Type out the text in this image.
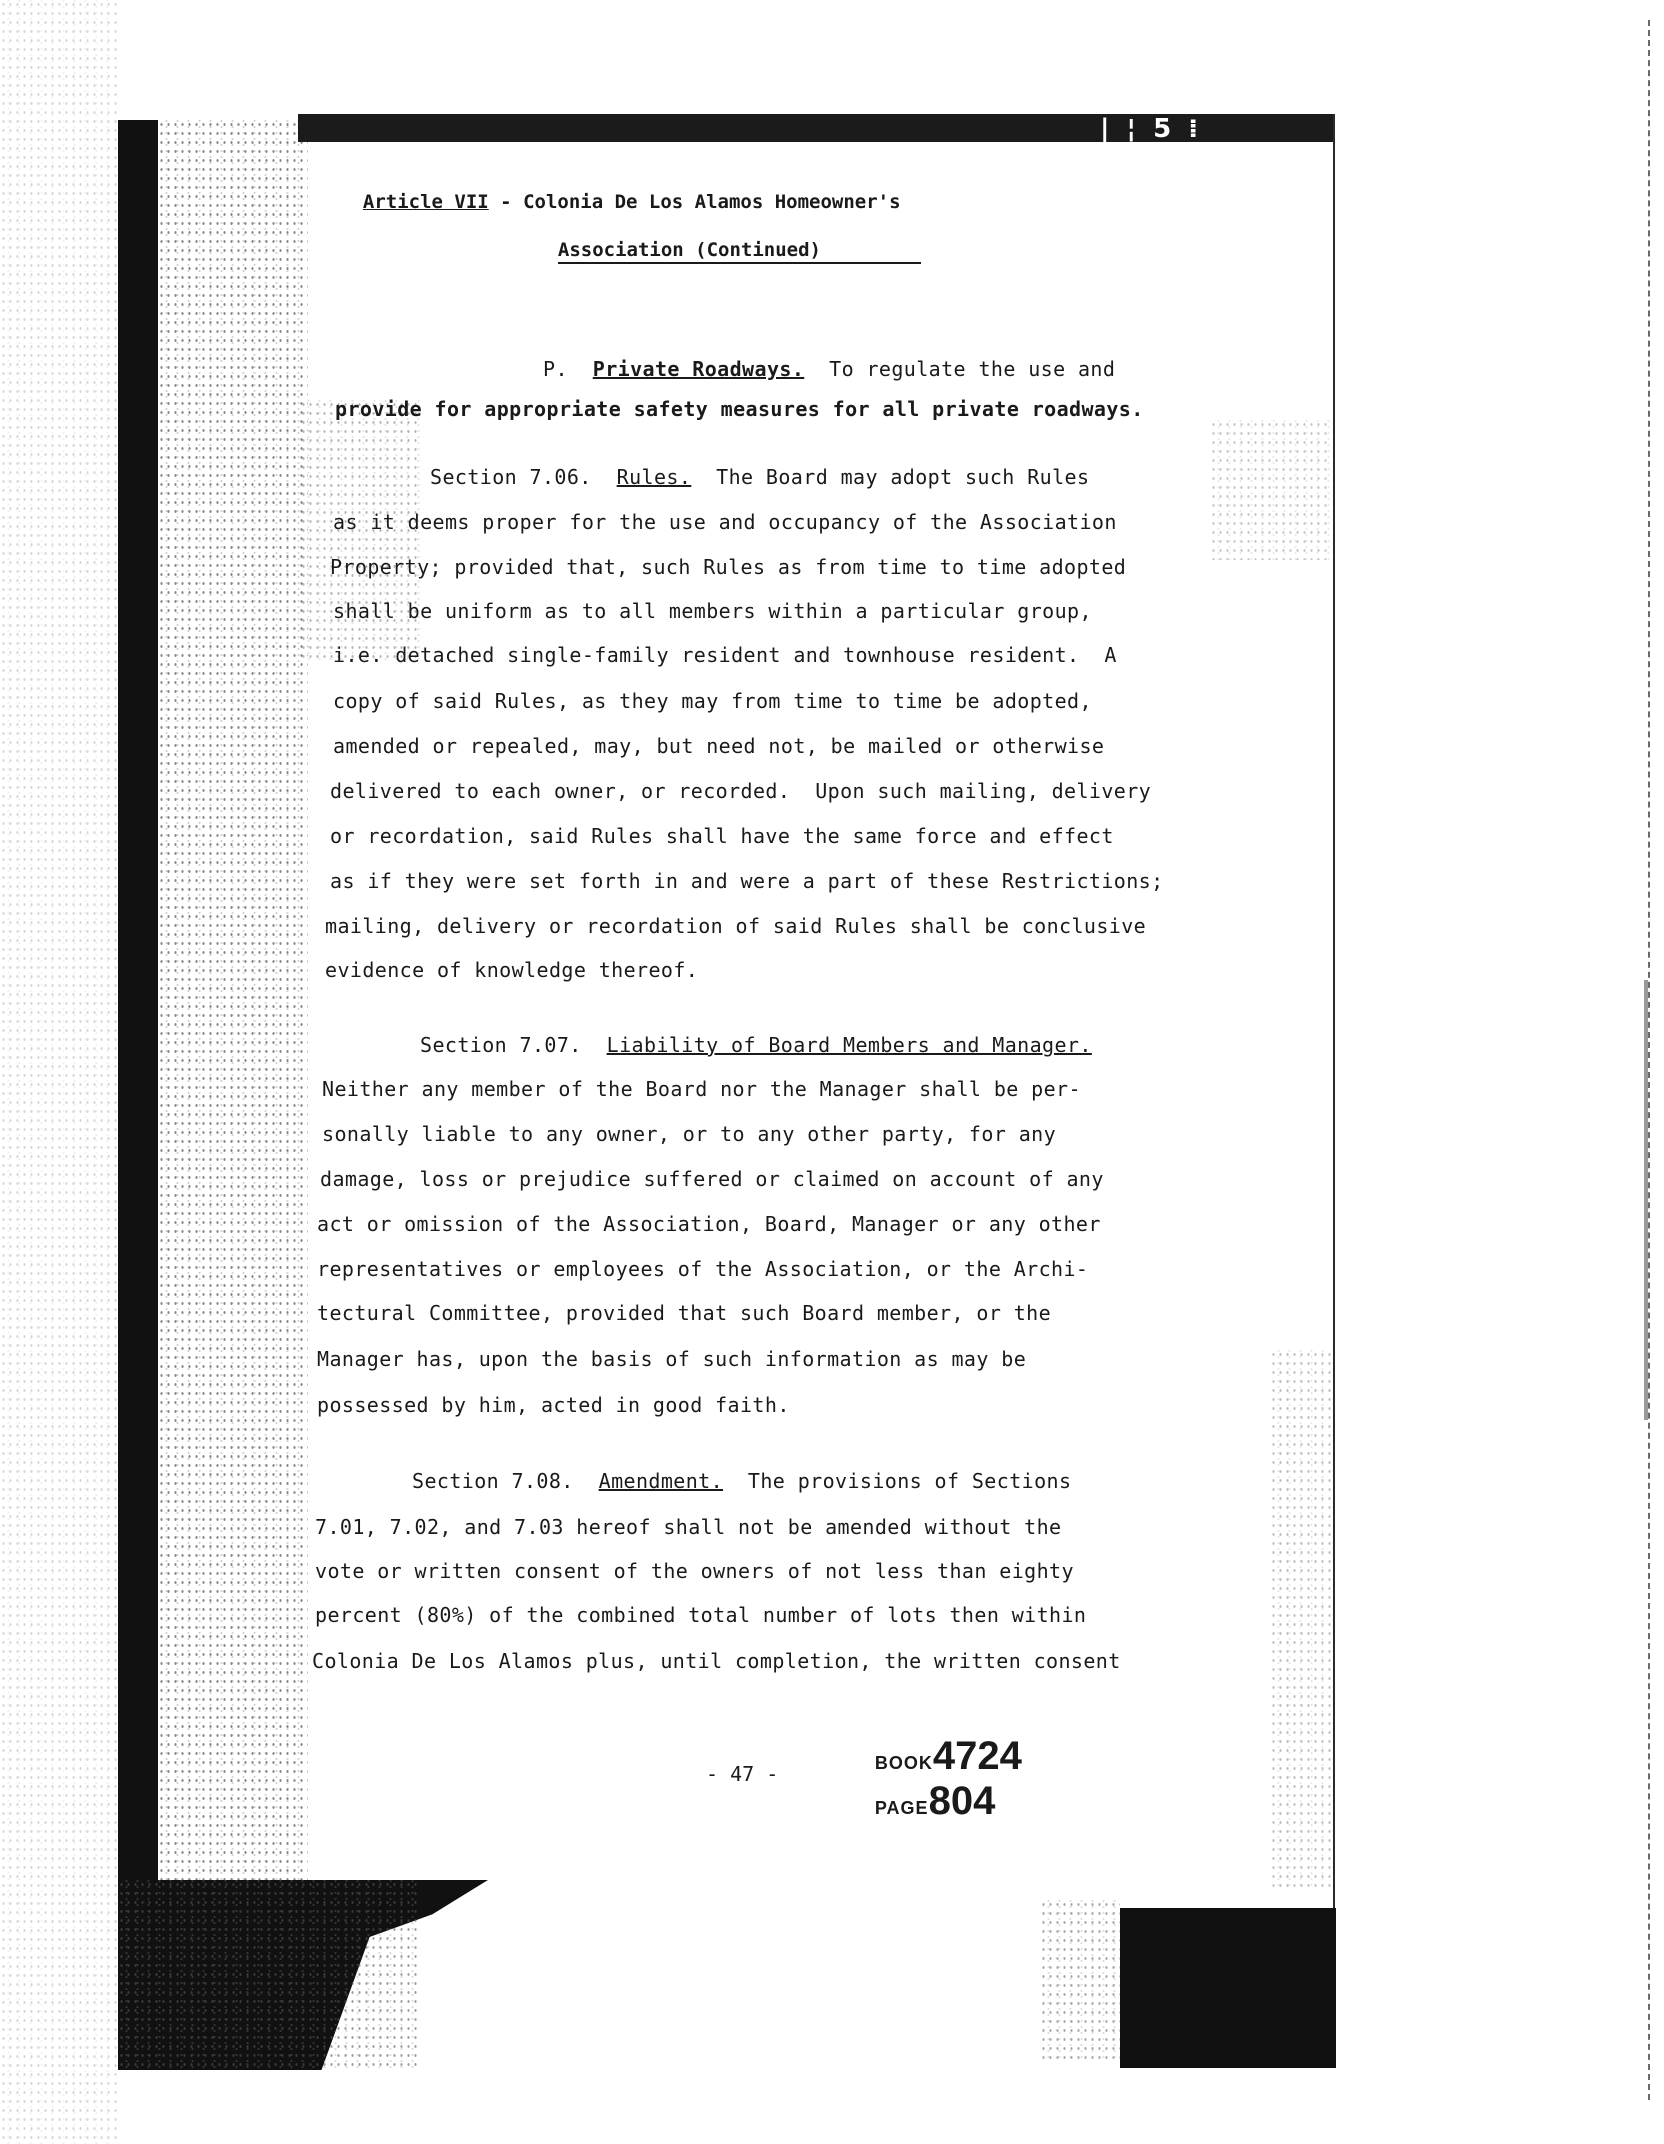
| ¦ 5 ⁞

Article VII - Colonia De Los Alamos Homeowner's

Association (Continued)

P.  Private Roadways.  To regulate the use and
provide for appropriate safety measures for all private roadways.
Section 7.06.  Rules.  The Board may adopt such Rules
as it deems proper for the use and occupancy of the Association
Property; provided that, such Rules as from time to time adopted
shall be uniform as to all members within a particular group,
i.e. detached single-family resident and townhouse resident.  A
copy of said Rules, as they may from time to time be adopted,
amended or repealed, may, but need not, be mailed or otherwise
delivered to each owner, or recorded.  Upon such mailing, delivery
or recordation, said Rules shall have the same force and effect
as if they were set forth in and were a part of these Restrictions;
mailing, delivery or recordation of said Rules shall be conclusive
evidence of knowledge thereof.
Section 7.07.  Liability of Board Members and Manager.
Neither any member of the Board nor the Manager shall be per-
sonally liable to any owner, or to any other party, for any
damage, loss or prejudice suffered or claimed on account of any
act or omission of the Association, Board, Manager or any other
representatives or employees of the Association, or the Archi-
tectural Committee, provided that such Board member, or the
Manager has, upon the basis of such information as may be
possessed by him, acted in good faith.
Section 7.08.  Amendment.  The provisions of Sections
7.01, 7.02, and 7.03 hereof shall not be amended without the
vote or written consent of the owners of not less than eighty
percent (80%) of the combined total number of lots then within
Colonia De Los Alamos plus, until completion, the written consent

BOOK4724
PAGE804

- 47 -
